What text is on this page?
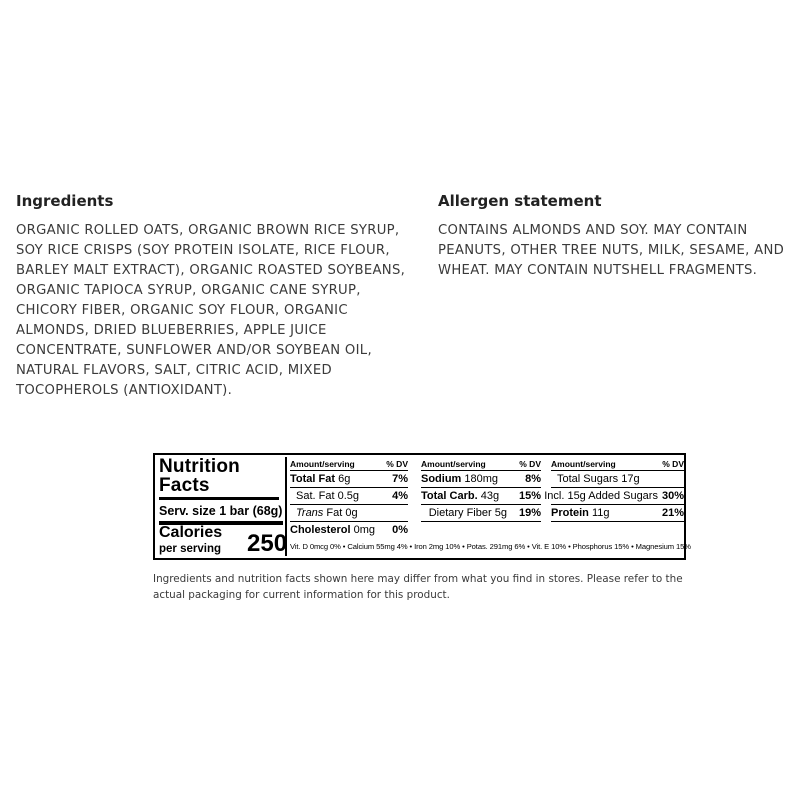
Ingredients

ORGANIC ROLLED OATS, ORGANIC BROWN RICE SYRUP, SOY RICE CRISPS (SOY PROTEIN ISOLATE, RICE FLOUR, BARLEY MALT EXTRACT), ORGANIC ROASTED SOYBEANS, ORGANIC TAPIOCA SYRUP, ORGANIC CANE SYRUP, CHICORY FIBER, ORGANIC SOY FLOUR, ORGANIC ALMONDS, DRIED BLUEBERRIES, APPLE JUICE CONCENTRATE, SUNFLOWER AND/OR SOYBEAN OIL, NATURAL FLAVORS, SALT, CITRIC ACID, MIXED TOCOPHEROLS (ANTIOXIDANT).

Allergen statement

CONTAINS ALMONDS AND SOY. MAY CONTAIN PEANUTS, OTHER TREE NUTS, MILK, SESAME, AND WHEAT. MAY CONTAIN NUTSHELL FRAGMENTS.

Nutrition
Facts
Serv. size 1 bar (68g)
Calories
per serving 250
Amount/serving	% DV
Total Fat 6g	7%
Sat. Fat 0.5g	4%
Trans Fat 0g
Cholesterol 0mg 0%
Amount/serving	% DV
Sodium 180mg 8%
Total Carb. 43g 15%
Dietary Fiber 5g 19%
Amount/serving	% DV
Total Sugars 17g
Incl. 15g Added Sugars 30%
Protein 11g	21%
Vit. D 0mcg 0% • Calcium 55mg 4% • Iron 2mg 10% • Potas. 291mg 6% • Vit. E 10% • Phosphorus 15% • Magnesium 15%
Ingredients and nutrition facts shown here may differ from what you find in stores. Please refer to the actual packaging for current information for this product.
